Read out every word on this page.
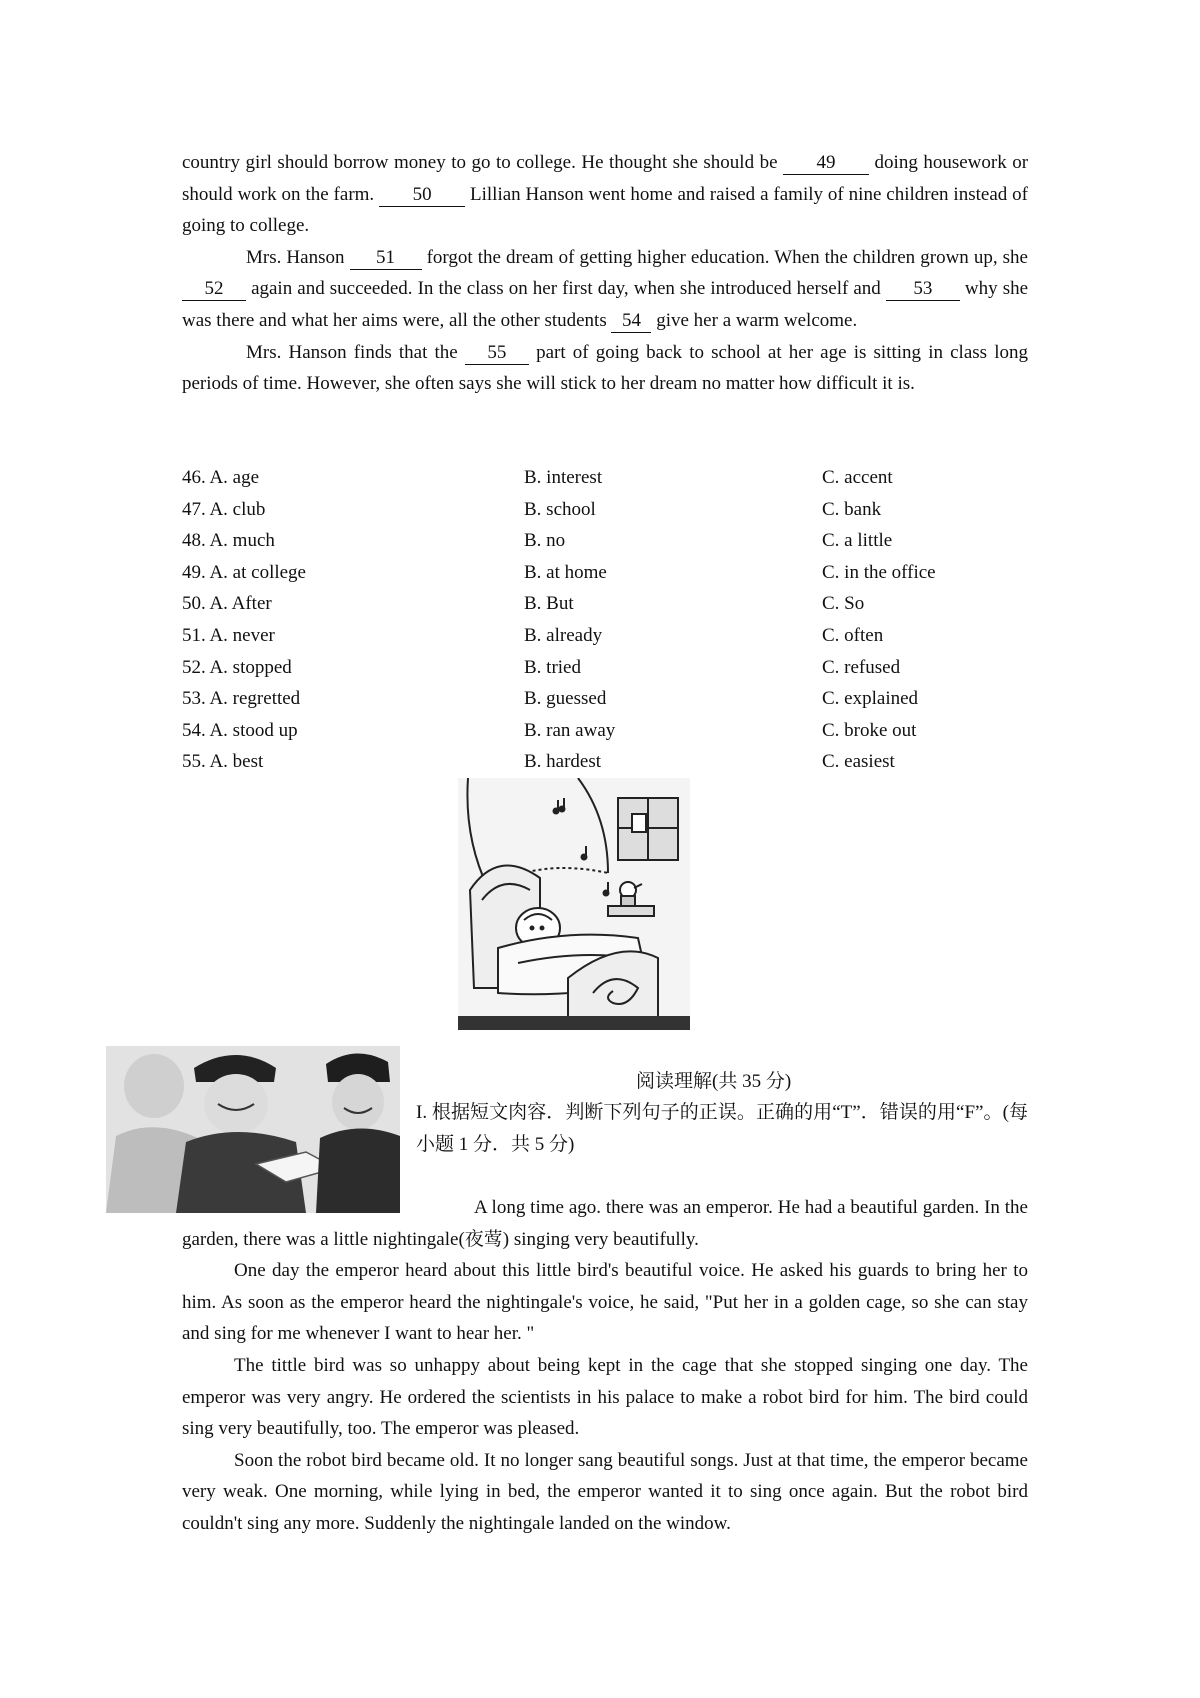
country girl should borrow money to go to college. He thought she should be 49 doing housework or should work on the farm. 50 Lillian Hanson went home and raised a family of nine children instead of going to college.

Mrs. Hanson 51 forgot the dream of getting higher education. When the children grown up, she 52 again and succeeded. In the class on her first day, when she introduced herself and 53 why she was there and what her aims were, all the other students 54 give her a warm welcome.

Mrs. Hanson finds that the 55 part of going back to school at her age is sitting in class long periods of time. However, she often says she will stick to her dream no matter how difficult it is.

46. A. age	B. interest	C. accent
47. A. club	B. school	C. bank
48. A. much	B. no	C. a little
49. A. at college	B. at home	C. in the office
50. A. After	B. But	C. So
51. A. never	B. already	C. often
52. A. stopped	B. tried	C. refused
53. A. regretted	B. guessed	C. explained
54. A. stood up	B. ran away	C. broke out
55. A. best	B. hardest	C. easiest
阅读理解(共 35 分)
I. 根据短文肉容．判断下列句子的正误。正确的用“T”．错误的用“F”。(每小题 1 分．共 5 分)

A long time ago. there was an emperor. He had a beautiful garden. In the garden, there was a little nightingale(夜莺) singing very beautifully.

One day the emperor heard about this little bird's beautiful voice. He asked his guards to bring her to him. As soon as the emperor heard the nightingale's voice, he said, "Put her in a golden cage, so she can stay and sing for me whenever I want to hear her. "

The tittle bird was so unhappy about being kept in the cage that she stopped singing one day. The emperor was very angry. He ordered the scientists in his palace to make a robot bird for him. The bird could sing very beautifully, too. The emperor was pleased.

Soon the robot bird became old. It no longer sang beautiful songs. Just at that time, the emperor became very weak. One morning, while lying in bed, the emperor wanted it to sing once again. But the robot bird couldn't sing any more. Suddenly the nightingale landed on the window.
